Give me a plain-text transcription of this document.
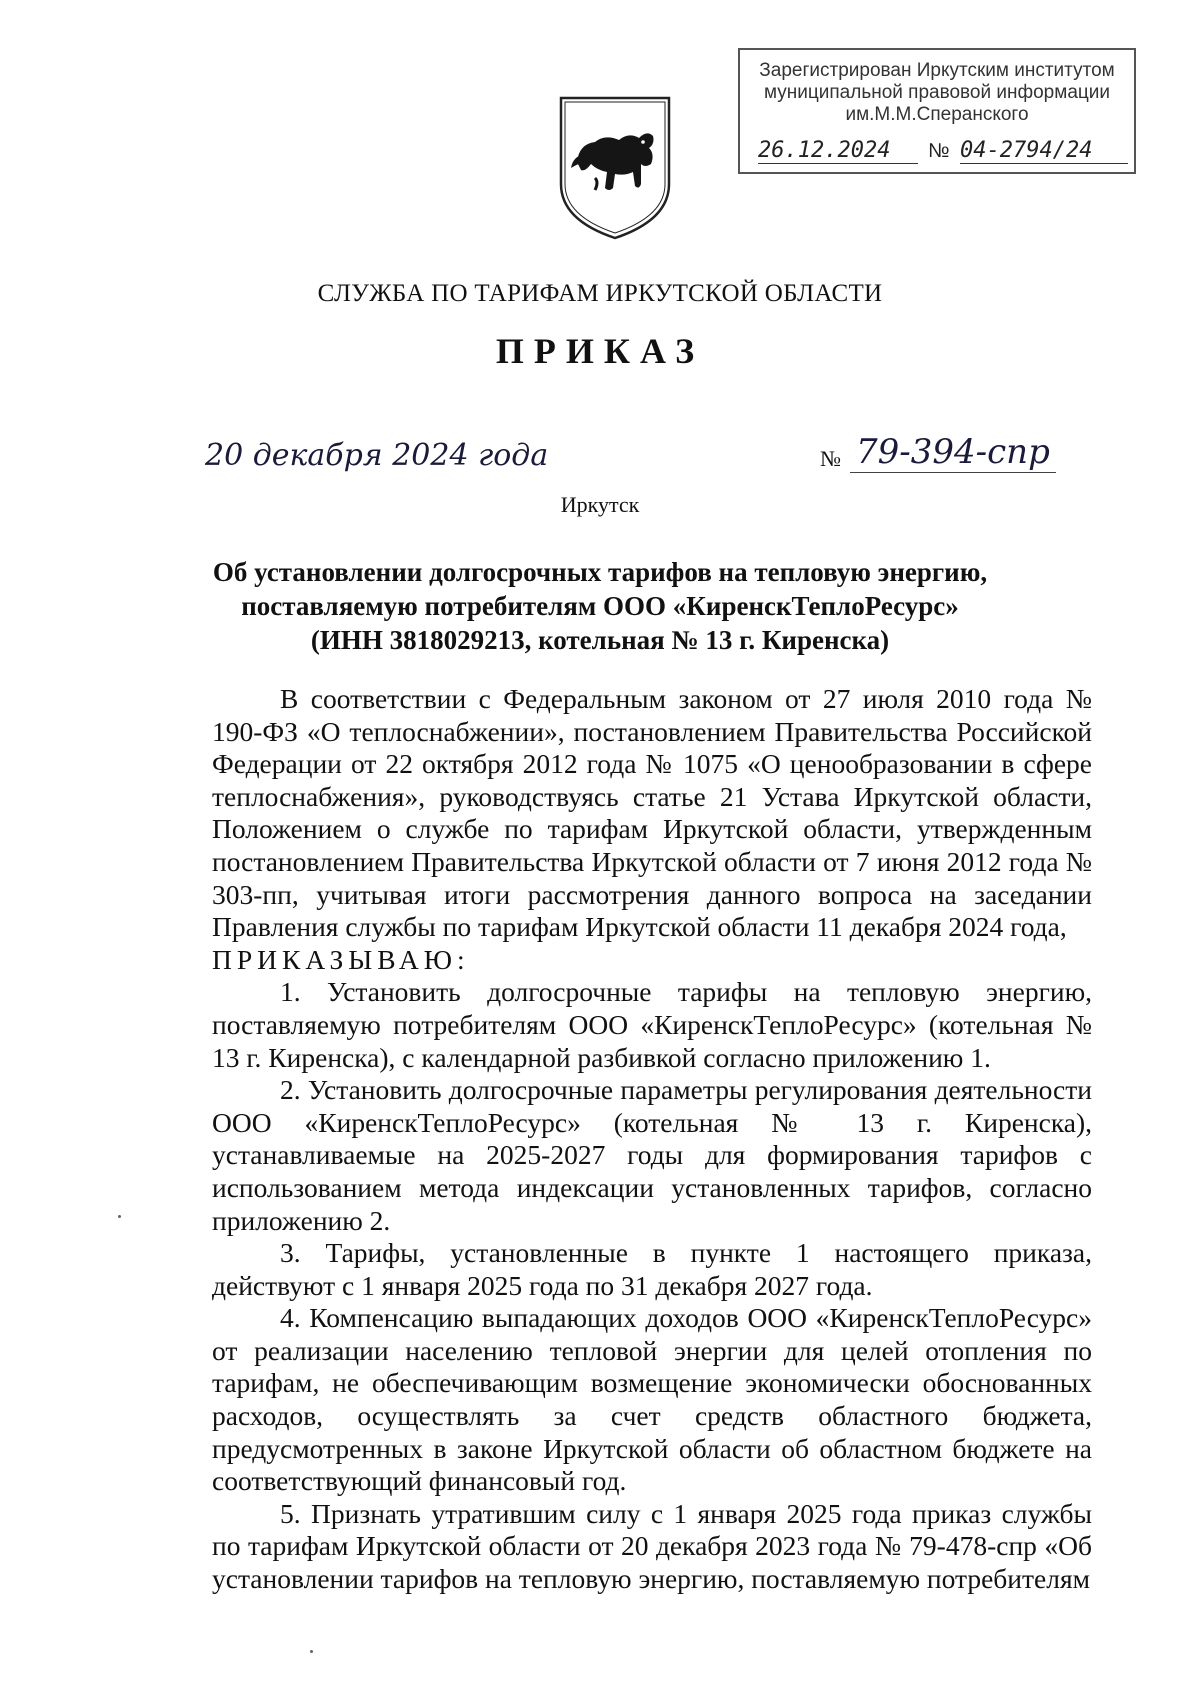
Зарегистрирован Иркутским институтом
муниципальной правовой информации
им.М.М.Сперанского
26.12.2024	№ 04-2794/24
СЛУЖБА ПО ТАРИФАМ ИРКУТСКОЙ ОБЛАСТИ
ПРИКАЗ
20 декабря 2024 года	№ 79-394-спр
Иркутск
Об установлении долгосрочных тарифов на тепловую энергию,
поставляемую потребителям ООО «КиренскТеплоРесурс»
(ИНН 3818029213, котельная № 13 г. Киренска)

В соответствии с Федеральным законом от 27 июля 2010 года № 190-ФЗ «О теплоснабжении», постановлением Правительства Российской Федерации от 22 октября 2012 года № 1075 «О ценообразовании в сфере теплоснабжения», руководствуясь статье 21 Устава Иркутской области, Положением о службе по тарифам Иркутской области, утвержденным постановлением Правительства Иркутской области от 7 июня 2012 года № 303-пп, учитывая итоги рассмотрения данного вопроса на заседании Правления службы по тарифам Иркутской области 11 декабря 2024 года,

ПРИКАЗЫВАЮ:

1. Установить долгосрочные тарифы на тепловую энергию, поставляемую потребителям ООО «КиренскТеплоРесурс» (котельная № 13 г. Киренска), с календарной разбивкой согласно приложению 1.

2. Установить долгосрочные параметры регулирования деятельности ООО «КиренскТеплоРесурс» (котельная № 13 г. Киренска), устанавливаемые на 2025-2027 годы для формирования тарифов с использованием метода индексации установленных тарифов, согласно приложению 2.

3. Тарифы, установленные в пункте 1 настоящего приказа, действуют с 1 января 2025 года по 31 декабря 2027 года.

4. Компенсацию выпадающих доходов ООО «КиренскТеплоРесурс» от реализации населению тепловой энергии для целей отопления по тарифам, не обеспечивающим возмещение экономически обоснованных расходов, осуществлять за счет средств областного бюджета, предусмотренных в законе Иркутской области об областном бюджете на соответствующий финансовый год.

5. Признать утратившим силу с 1 января 2025 года приказ службы по тарифам Иркутской области от 20 декабря 2023 года № 79-478-спр «Об установлении тарифов на тепловую энергию, поставляемую потребителям
